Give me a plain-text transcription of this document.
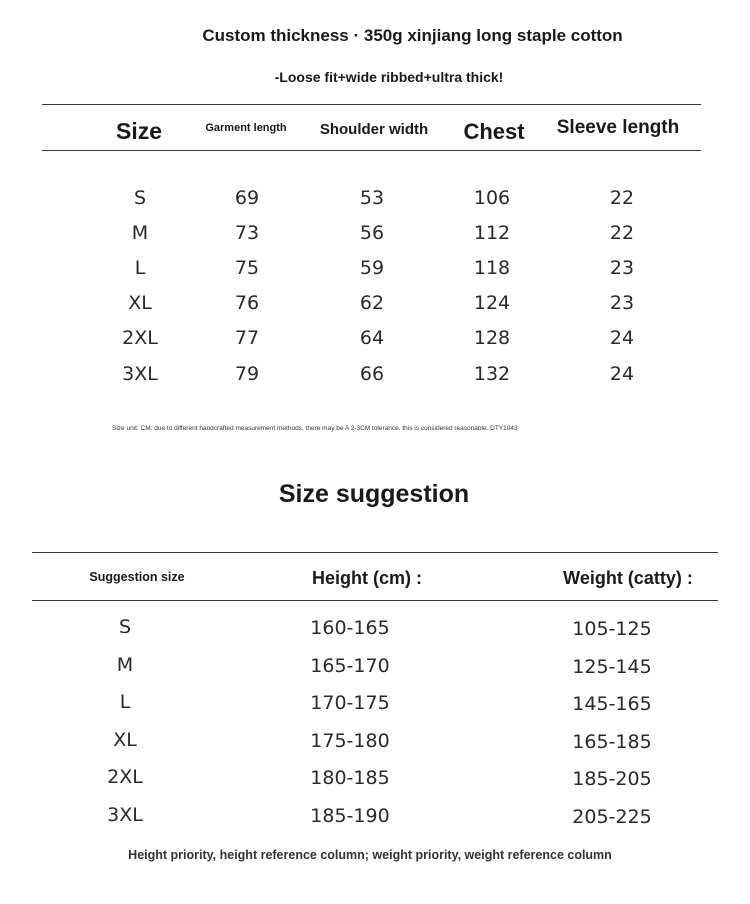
Custom thickness · 350g xinjiang long staple cotton
-Loose fit+wide ribbed+ultra thick!
Size	Garment length	Shoulder width	Chest	Sleeve length
S	69	53	106	22
M	73	56	112	22
L	75	59	118	23
XL	76	62	124	23
2XL	77	64	128	24
3XL	79	66	132	24
Size unit: CM. due to different handcrafted measurement methods, there may be A 2-3CM tolerance. this is considered reasonable. DTY1043
Size suggestion
Suggestion size	Height (cm) :	Weight (catty) :
S	160-165	105-125
M	165-170	125-145
L	170-175	145-165
XL	175-180	165-185
2XL	180-185	185-205
3XL	185-190	205-225
Height priority, height reference column; weight priority, weight reference column
